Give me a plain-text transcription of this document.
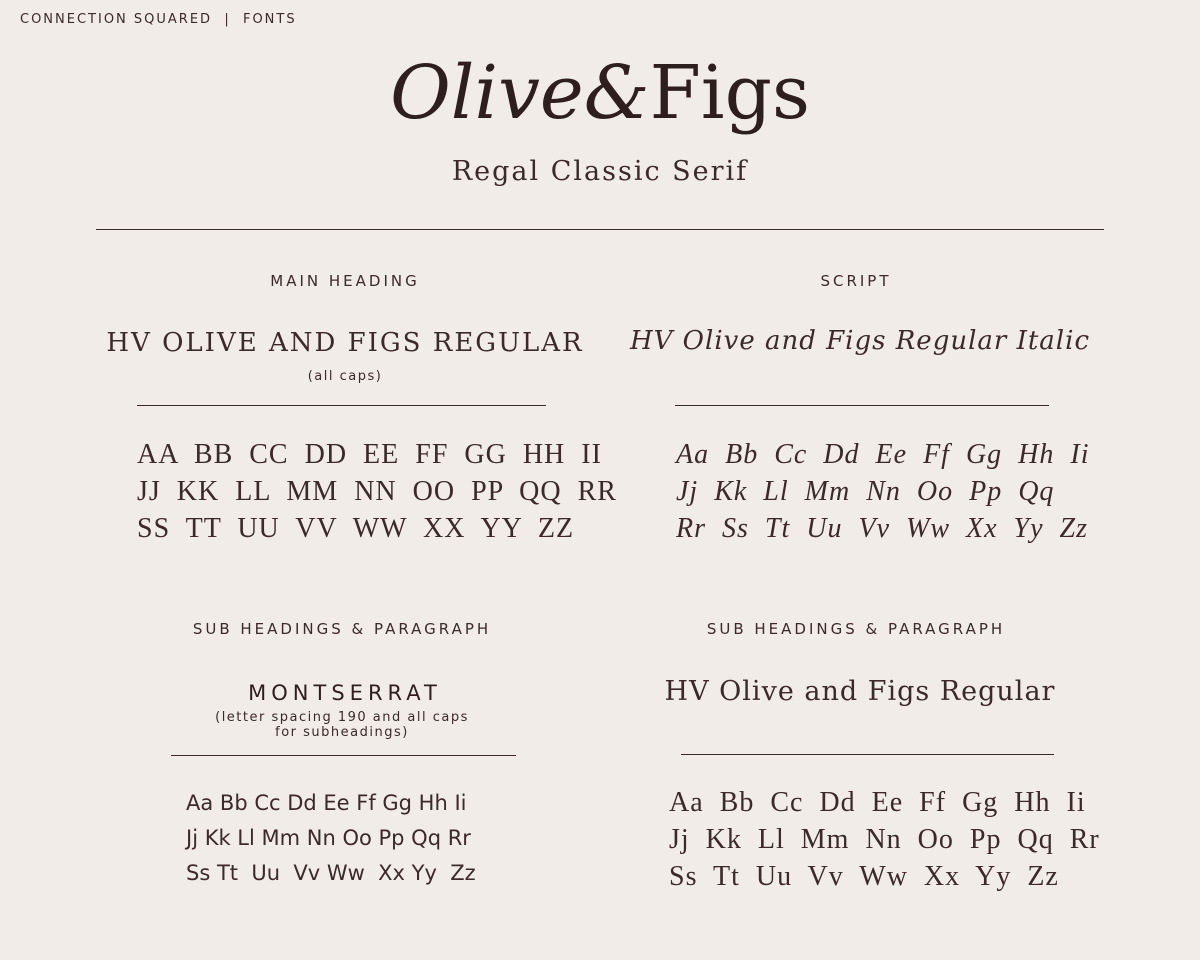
CONNECTION SQUARED  |  FONTS
Olive&Figs
Regal Classic Serif
MAIN HEADING
HV OLIVE AND FIGS REGULAR
(all caps)
AA  BB  CC  DD  EE  FF  GG  HH  II
JJ  KK  LL  MM  NN  OO  PP  QQ  RR
SS  TT  UU  VV  WW  XX  YY  ZZ
SCRIPT
HV Olive and Figs Regular Italic
Aa  Bb  Cc  Dd  Ee  Ff  Gg  Hh  Ii
Jj  Kk  Ll  Mm  Nn  Oo  Pp  Qq
Rr  Ss  Tt  Uu  Vv  Ww  Xx  Yy  Zz
SUB HEADINGS & PARAGRAPH
MONTSERRAT
(letter spacing 190 and all caps
for subheadings)
Aa Bb Cc Dd Ee Ff Gg Hh Ii
Jj Kk Ll Mm Nn Oo Pp Qq Rr
Ss Tt  Uu  Vv Ww  Xx Yy  Zz
SUB HEADINGS & PARAGRAPH
HV Olive and Figs Regular
Aa  Bb  Cc  Dd  Ee  Ff  Gg  Hh  Ii
Jj  Kk  Ll  Mm  Nn  Oo  Pp  Qq  Rr
Ss  Tt  Uu  Vv  Ww  Xx  Yy  Zz
